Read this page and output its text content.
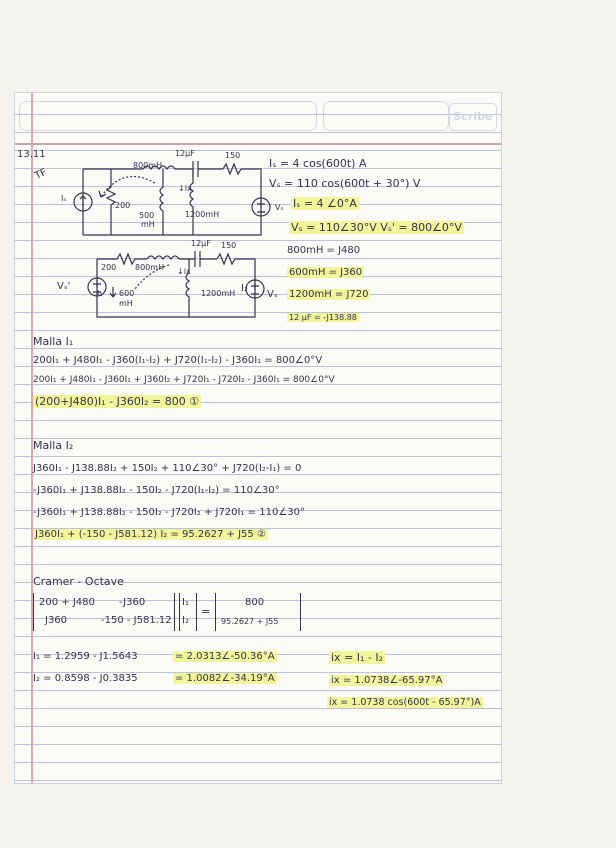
Scribe
13.11
TF
Iₛ
200
800mH
500
mH
12μF	150
1200mH
↓ix
Vₛ
Vₛ'
200 800mH
600
mH
12μF 150
1200mH
I₁	I₂
↓ix
Vₛ
Iₛ = 4 cos(600t) A
Vₛ = 110 cos(600t + 30°) V
Iₛ = 4 ∠0°A
Vₛ = 110∠30°V Vₛ' = 800∠0°V
800mH = J480
600mH = J360
1200mH = J720
12 μF = -J138.88
Malla I₁
200I₁ + J480I₁ - J360(I₁-I₂) + J720(I₁-I₂) - J360I₁ = 800∠0°V
200I₁ + J480I₁ - J360I₁ + J360I₂ + J720I₁ - J720I₂ - J360I₁ = 800∠0°V
(200+J480)I₁ - J360I₂ = 800 ①
Malla I₂
J360I₁ - J138.88I₂ + 150I₂ + 110∠30° + J720(I₂-I₁) = 0
-J360I₁ + J138.88I₂ - 150I₂ - J720(I₁-I₂) = 110∠30°
-J360I₁ + J138.88I₂ - 150I₂ - J720I₂ + J720I₁ = 110∠30°
J360I₁ + (-150 - J581.12) I₂ = 95.2627 + J55 ②
Cramer - Octave
200 + J480 -J360
J360	-150 - J581.12
I₁
I₂
=
800
95.2627 + J55
I₁ = 1.2959 - J1.5643	= 2.0313∠-50.36°A
I₂ = 0.8598 - J0.3835	= 1.0082∠-34.19°A
ix = I₁ - I₂
ix = 1.0738∠-65.97°A
ix = 1.0738 cos(600t - 65.97°)A
